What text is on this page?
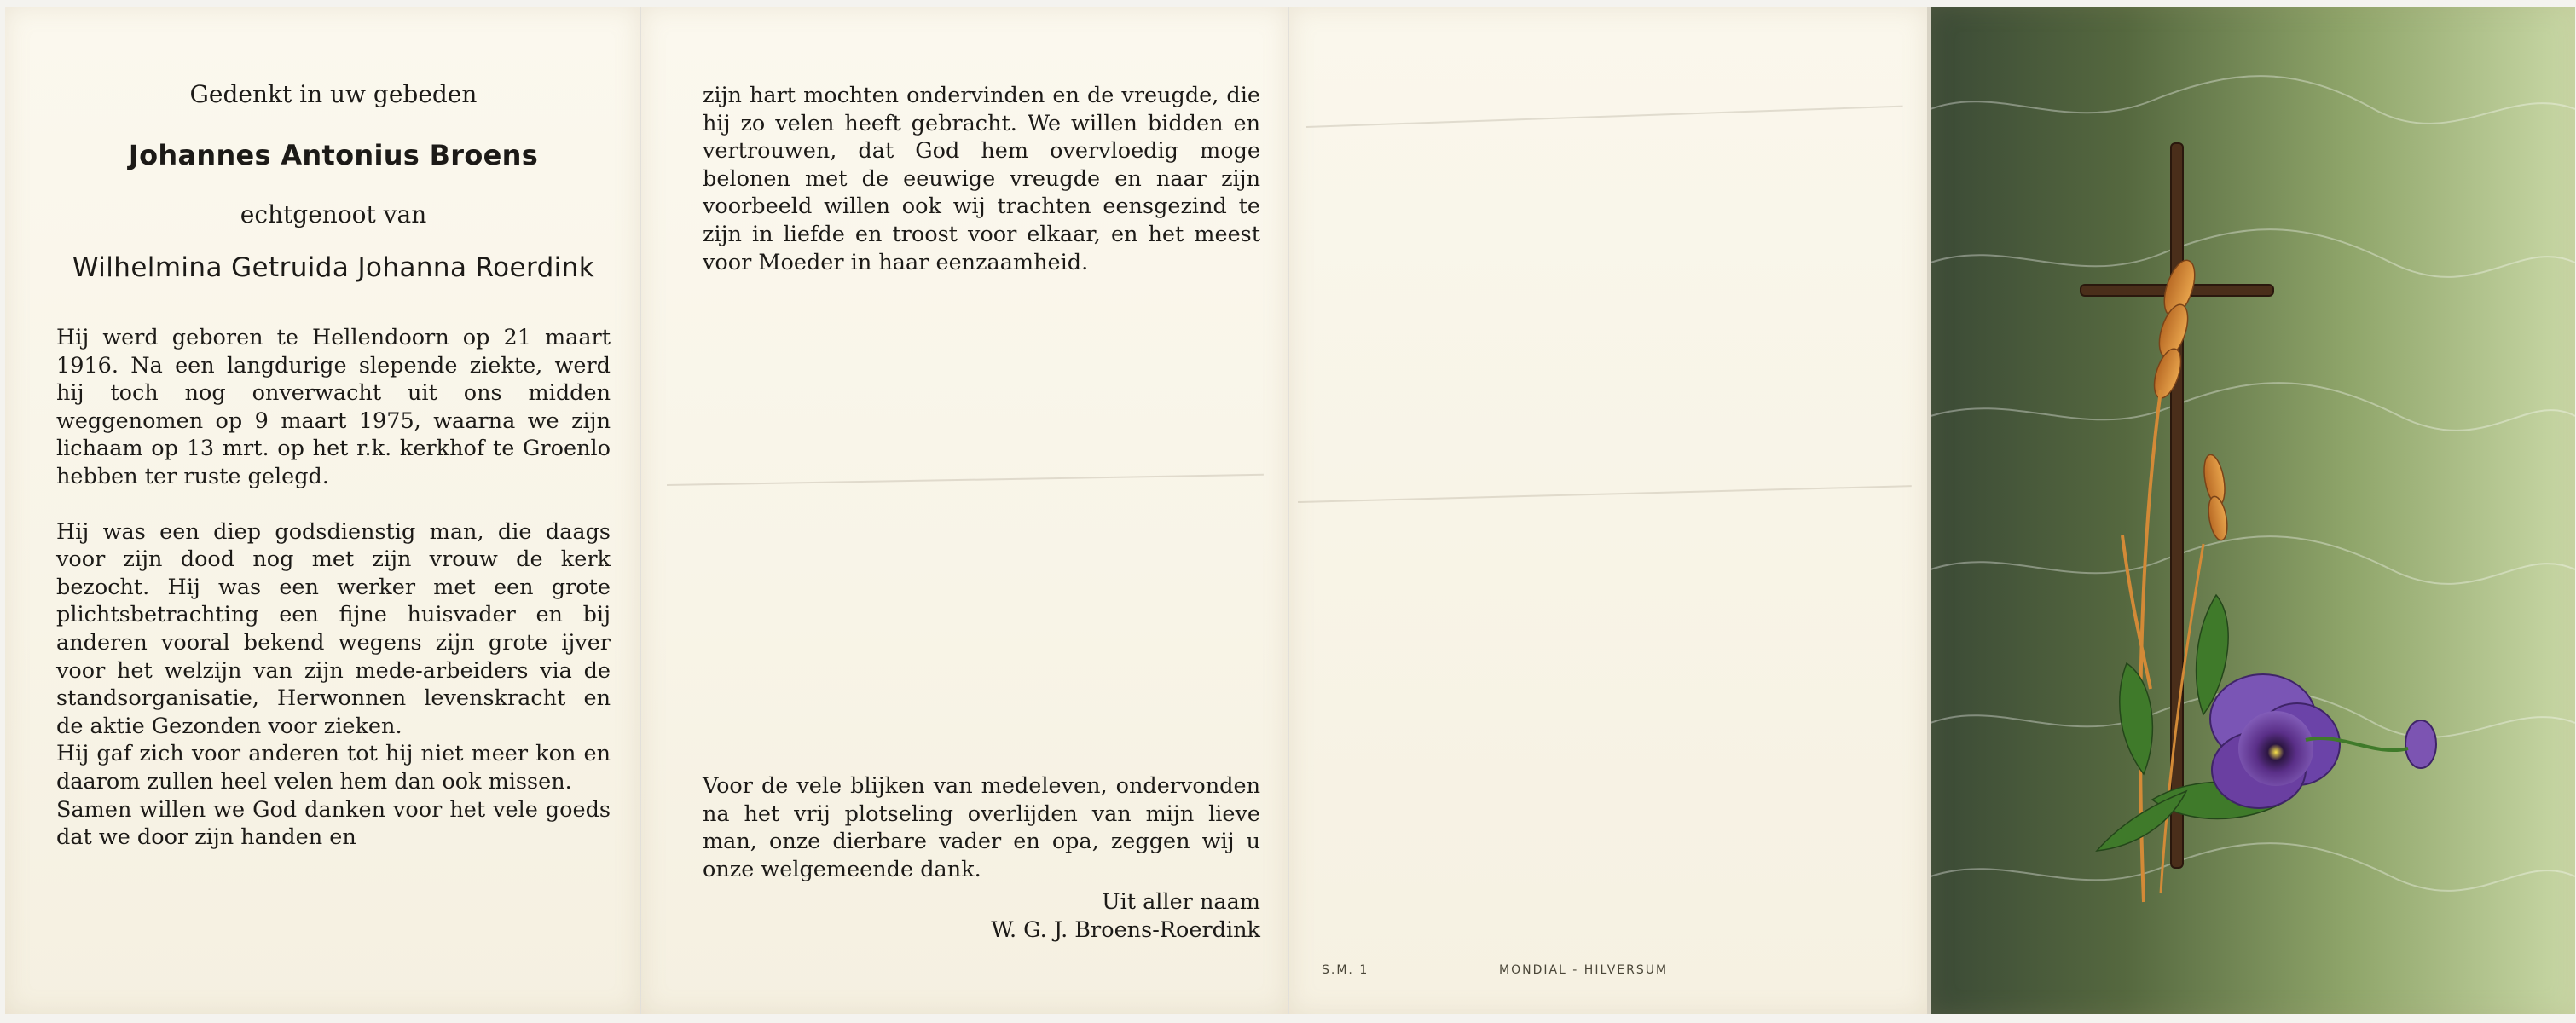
Gedenkt in uw gebeden
Johannes Antonius Broens
echtgenoot van
Wilhelmina Getruida Johanna Roerdink

Hij werd geboren te Hellendoorn op 21 maart 1916. Na een langdurige slepende ziekte, werd hij toch nog onverwacht uit ons midden weggenomen op 9 maart 1975, waarna we zijn lichaam op 13 mrt. op het r.k. kerkhof te Groenlo hebben ter ruste gelegd.

Hij was een diep godsdienstig man, die daags voor zijn dood nog met zijn vrouw de kerk bezocht. Hij was een werker met een grote plichtsbetrachting een fijne huisvader en bij anderen vooral bekend wegens zijn grote ijver voor het welzijn van zijn mede-arbeiders via de standsorganisatie, Herwonnen levenskracht en de aktie Gezonden voor zieken.

Hij gaf zich voor anderen tot hij niet meer kon en daarom zullen heel velen hem dan ook missen.

Samen willen we God danken voor het vele goeds dat we door zijn handen en

zijn hart mochten ondervinden en de vreugde, die hij zo velen heeft gebracht. We willen bidden en vertrouwen, dat God hem overvloedig moge belonen met de eeuwige vreugde en naar zijn voorbeeld willen ook wij trachten eensgezind te zijn in liefde en troost voor elkaar, en het meest voor Moeder in haar eenzaamheid.

Voor de vele blijken van medeleven, ondervonden na het vrij plotseling overlijden van mijn lieve man, onze dierbare vader en opa, zeggen wij u onze welgemeende dank.

Uit aller naam
W. G. J. Broens-Roerdink
S.M. 1	MONDIAL - HILVERSUM
